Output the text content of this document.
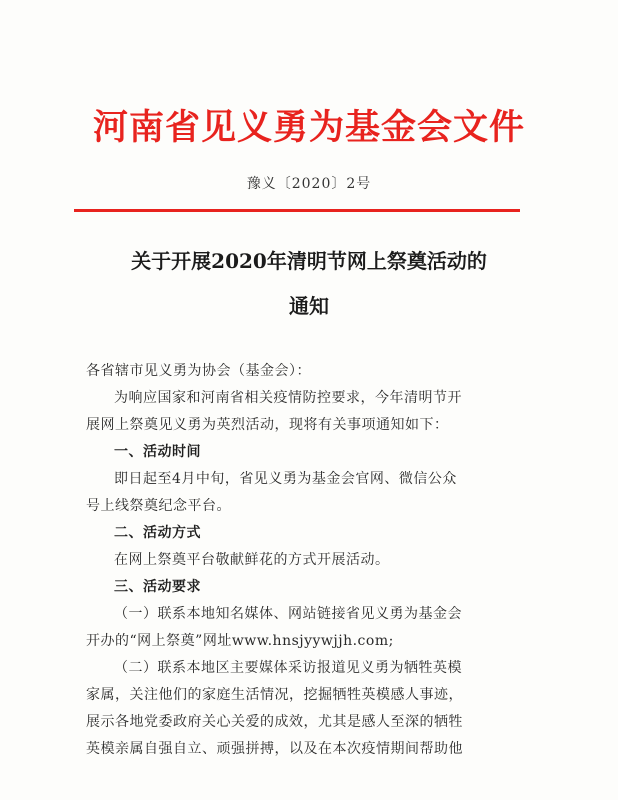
河南省见义勇为基金会文件
豫义〔2020〕2号
关于开展2020年清明节网上祭奠活动的
通知
各省辖市见义勇为协会（基金会）：
为响应国家和河南省相关疫情防控要求，今年清明节开
展网上祭奠见义勇为英烈活动，现将有关事项通知如下：
一、活动时间
即日起至4月中旬，省见义勇为基金会官网、微信公众
号上线祭奠纪念平台。
二、活动方式
在网上祭奠平台敬献鲜花的方式开展活动。
三、活动要求
（一）联系本地知名媒体、网站链接省见义勇为基金会
开办的“网上祭奠”网址www.hnsjyywjjh.com;
（二）联系本地区主要媒体采访报道见义勇为牺牲英模
家属，关注他们的家庭生活情况，挖掘牺牲英模感人事迹，
展示各地党委政府关心关爱的成效，尤其是感人至深的牺牲
英模亲属自强自立、顽强拼搏，以及在本次疫情期间帮助他
